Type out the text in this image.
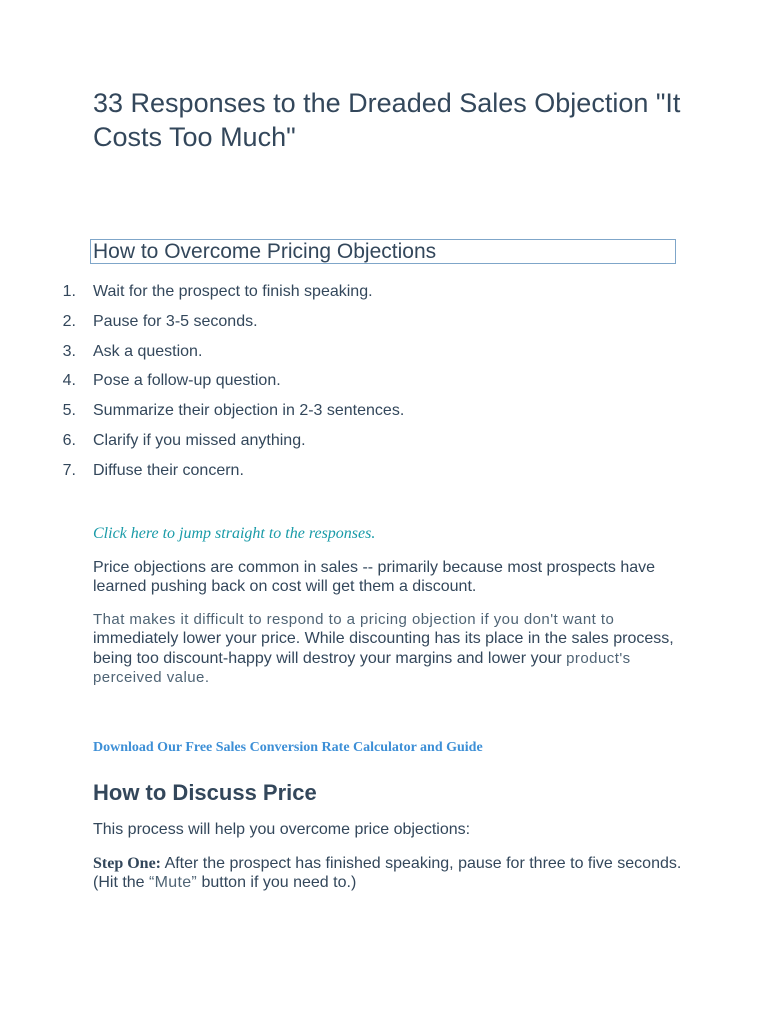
33 Responses to the Dreaded Sales Objection "It Costs Too Much"
How to Overcome Pricing Objections
1. Wait for the prospect to finish speaking.
2. Pause for 3-5 seconds.
3. Ask a question.
4. Pose a follow-up question.
5. Summarize their objection in 2-3 sentences.
6. Clarify if you missed anything.
7. Diffuse their concern.
Click here to jump straight to the responses.

Price objections are common in sales -- primarily because most prospects have learned pushing back on cost will get them a discount.

That makes it difficult to respond to a pricing objection if you don't want to
immediately lower your price. While discounting has its place in the sales process, being too discount-happy will destroy your margins and lower your product's perceived value.

Download Our Free Sales Conversion Rate Calculator and Guide
How to Discuss Price

This process will help you overcome price objections:

Step One: After the prospect has finished speaking, pause for three to five seconds.
(Hit the “Mute” button if you need to.)
